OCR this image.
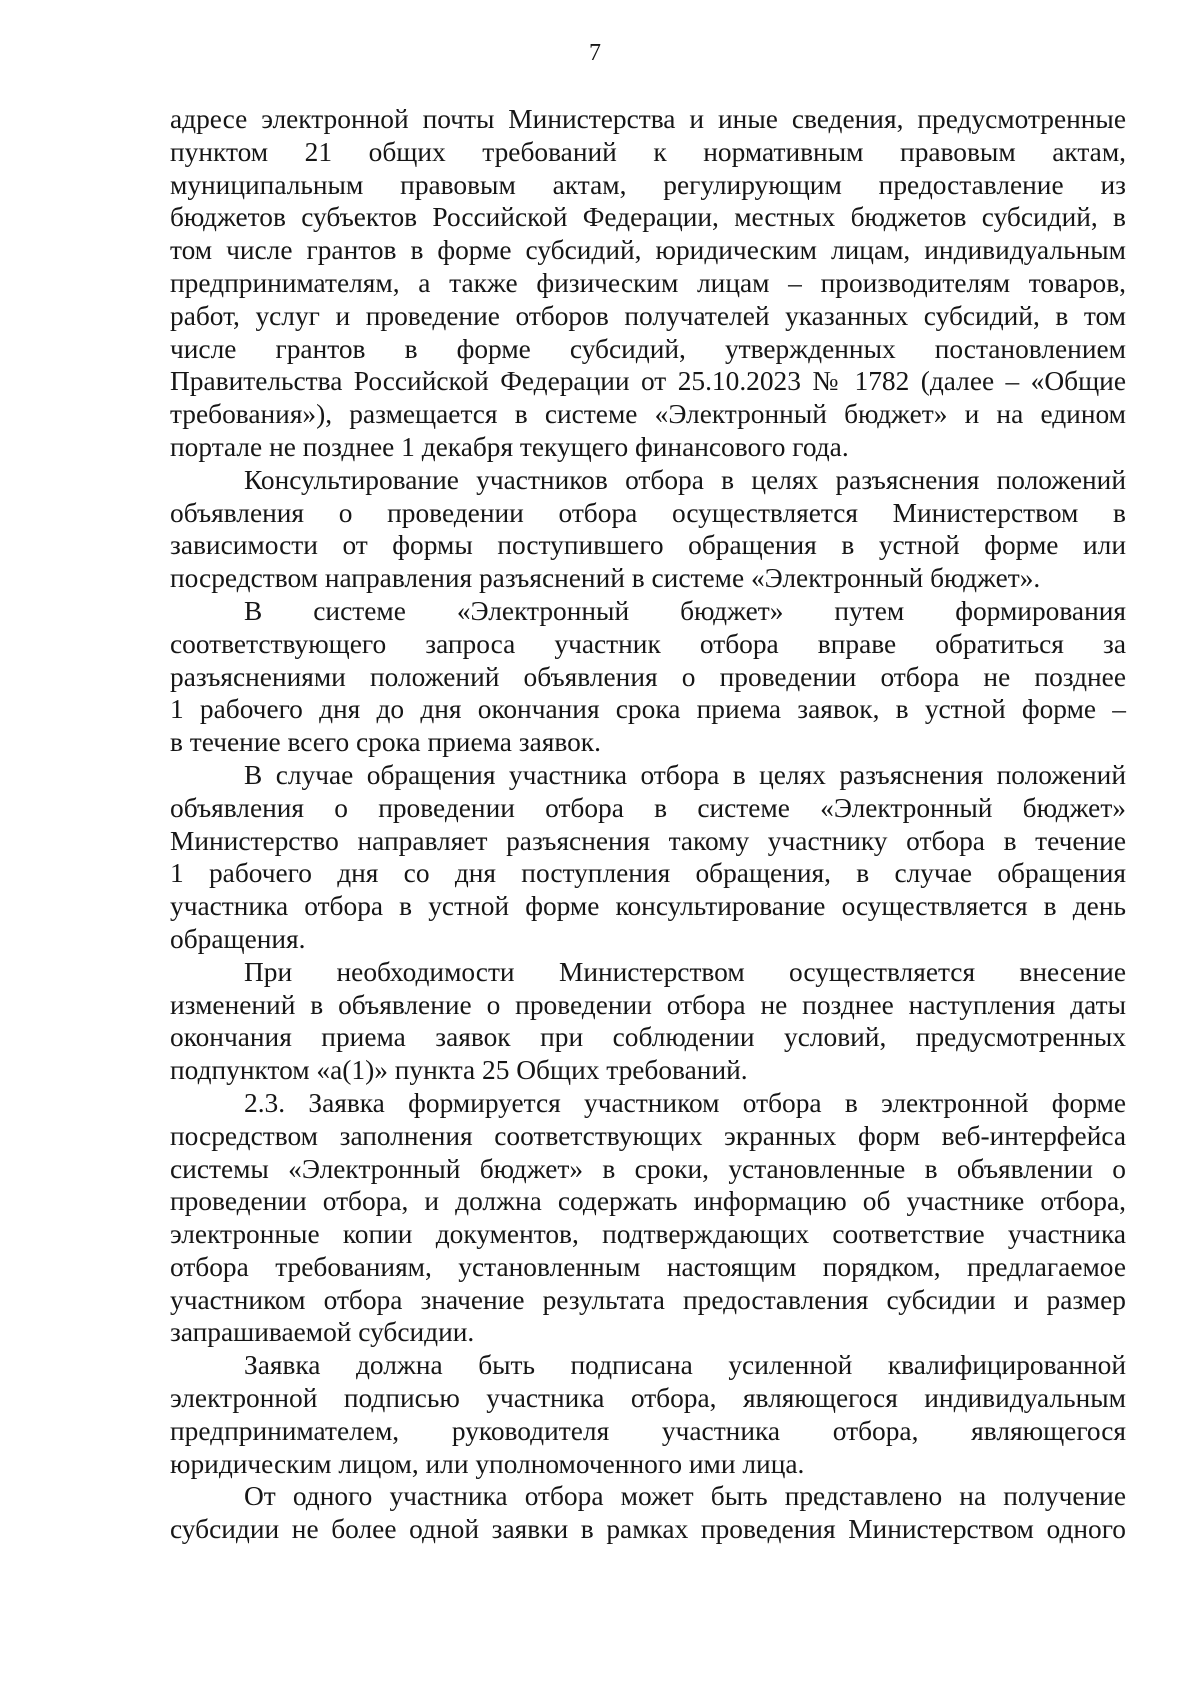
7
адресе электронной почты Министерства и иные сведения, предусмотренные
пунктом 21 общих требований к нормативным правовым актам,
муниципальным правовым актам, регулирующим предоставление из
бюджетов субъектов Российской Федерации, местных бюджетов субсидий, в
том числе грантов в форме субсидий, юридическим лицам, индивидуальным
предпринимателям, а также физическим лицам – производителям товаров,
работ, услуг и проведение отборов получателей указанных субсидий, в том
числе грантов в форме субсидий, утвержденных постановлением
Правительства Российской Федерации от 25.10.2023 № 1782 (далее – «Общие
требования»), размещается в системе «Электронный бюджет» и на едином
портале не позднее 1 декабря текущего финансового года.
Консультирование участников отбора в целях разъяснения положений
объявления о проведении отбора осуществляется Министерством в
зависимости от формы поступившего обращения в устной форме или
посредством направления разъяснений в системе «Электронный бюджет».
В системе «Электронный бюджет» путем формирования
соответствующего запроса участник отбора вправе обратиться за
разъяснениями положений объявления о проведении отбора не позднее
1 рабочего дня до дня окончания срока приема заявок, в устной форме –
в течение всего срока приема заявок.
В случае обращения участника отбора в целях разъяснения положений
объявления о проведении отбора в системе «Электронный бюджет»
Министерство направляет разъяснения такому участнику отбора в течение
1 рабочего дня со дня поступления обращения, в случае обращения
участника отбора в устной форме консультирование осуществляется в день
обращения.
При необходимости Министерством осуществляется внесение
изменений в объявление о проведении отбора не позднее наступления даты
окончания приема заявок при соблюдении условий, предусмотренных
подпунктом «а(1)» пункта 25 Общих требований.
2.3. Заявка формируется участником отбора в электронной форме
посредством заполнения соответствующих экранных форм веб-интерфейса
системы «Электронный бюджет» в сроки, установленные в объявлении о
проведении отбора, и должна содержать информацию об участнике отбора,
электронные копии документов, подтверждающих соответствие участника
отбора требованиям, установленным настоящим порядком, предлагаемое
участником отбора значение результата предоставления субсидии и размер
запрашиваемой субсидии.
Заявка должна быть подписана усиленной квалифицированной
электронной подписью участника отбора, являющегося индивидуальным
предпринимателем, руководителя участника отбора, являющегося
юридическим лицом, или уполномоченного ими лица.
От одного участника отбора может быть представлено на получение
субсидии не более одной заявки в рамках проведения Министерством одного
